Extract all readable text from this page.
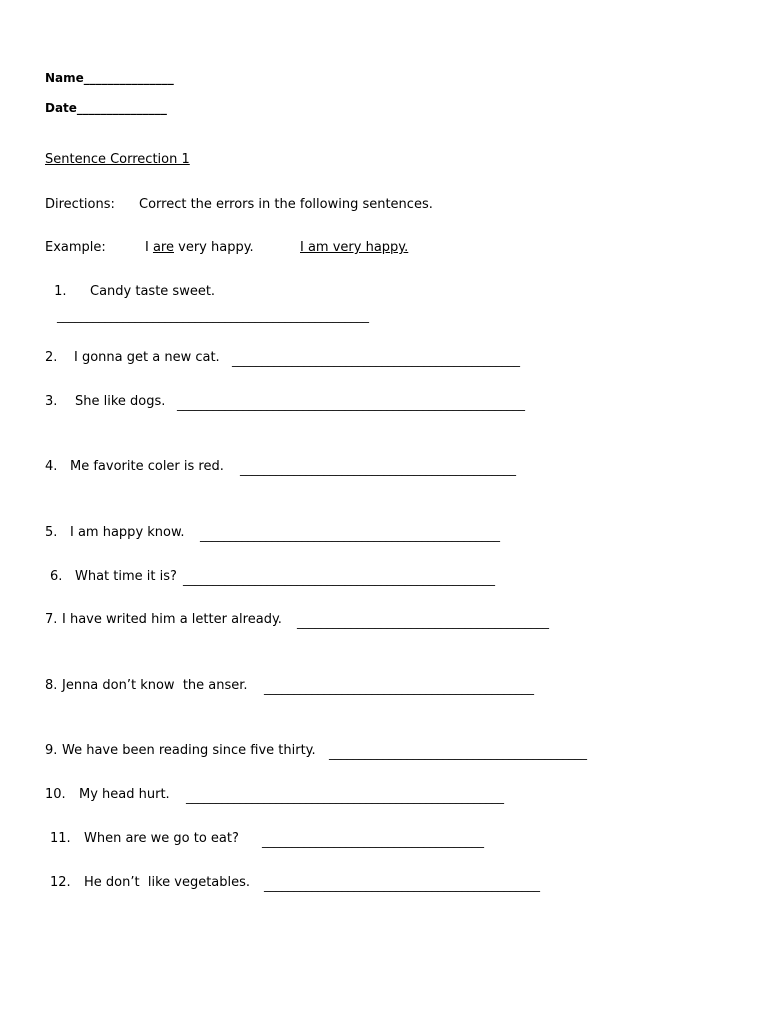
Name_______________
Date_______________
Sentence Correction 1
Directions: Correct the errors in the following sentences.
Example:	I are very happy.	I am very happy.
1. Candy taste sweet.
____________________________________________________
2. I gonna get a new cat. ________________________________________________
3. She like dogs. __________________________________________________________
4. Me favorite coler is red. ______________________________________________
5. I am happy know. __________________________________________________
6. What time it is? ____________________________________________________
7. I have writed him a letter already. __________________________________________
8. Jenna don’t know  the anser. _____________________________________________
9. We have been reading since five thirty. ___________________________________________
10. My head hurt. _____________________________________________________
11. When are we go to eat? _____________________________________
12. He don’t  like vegetables. ______________________________________________
